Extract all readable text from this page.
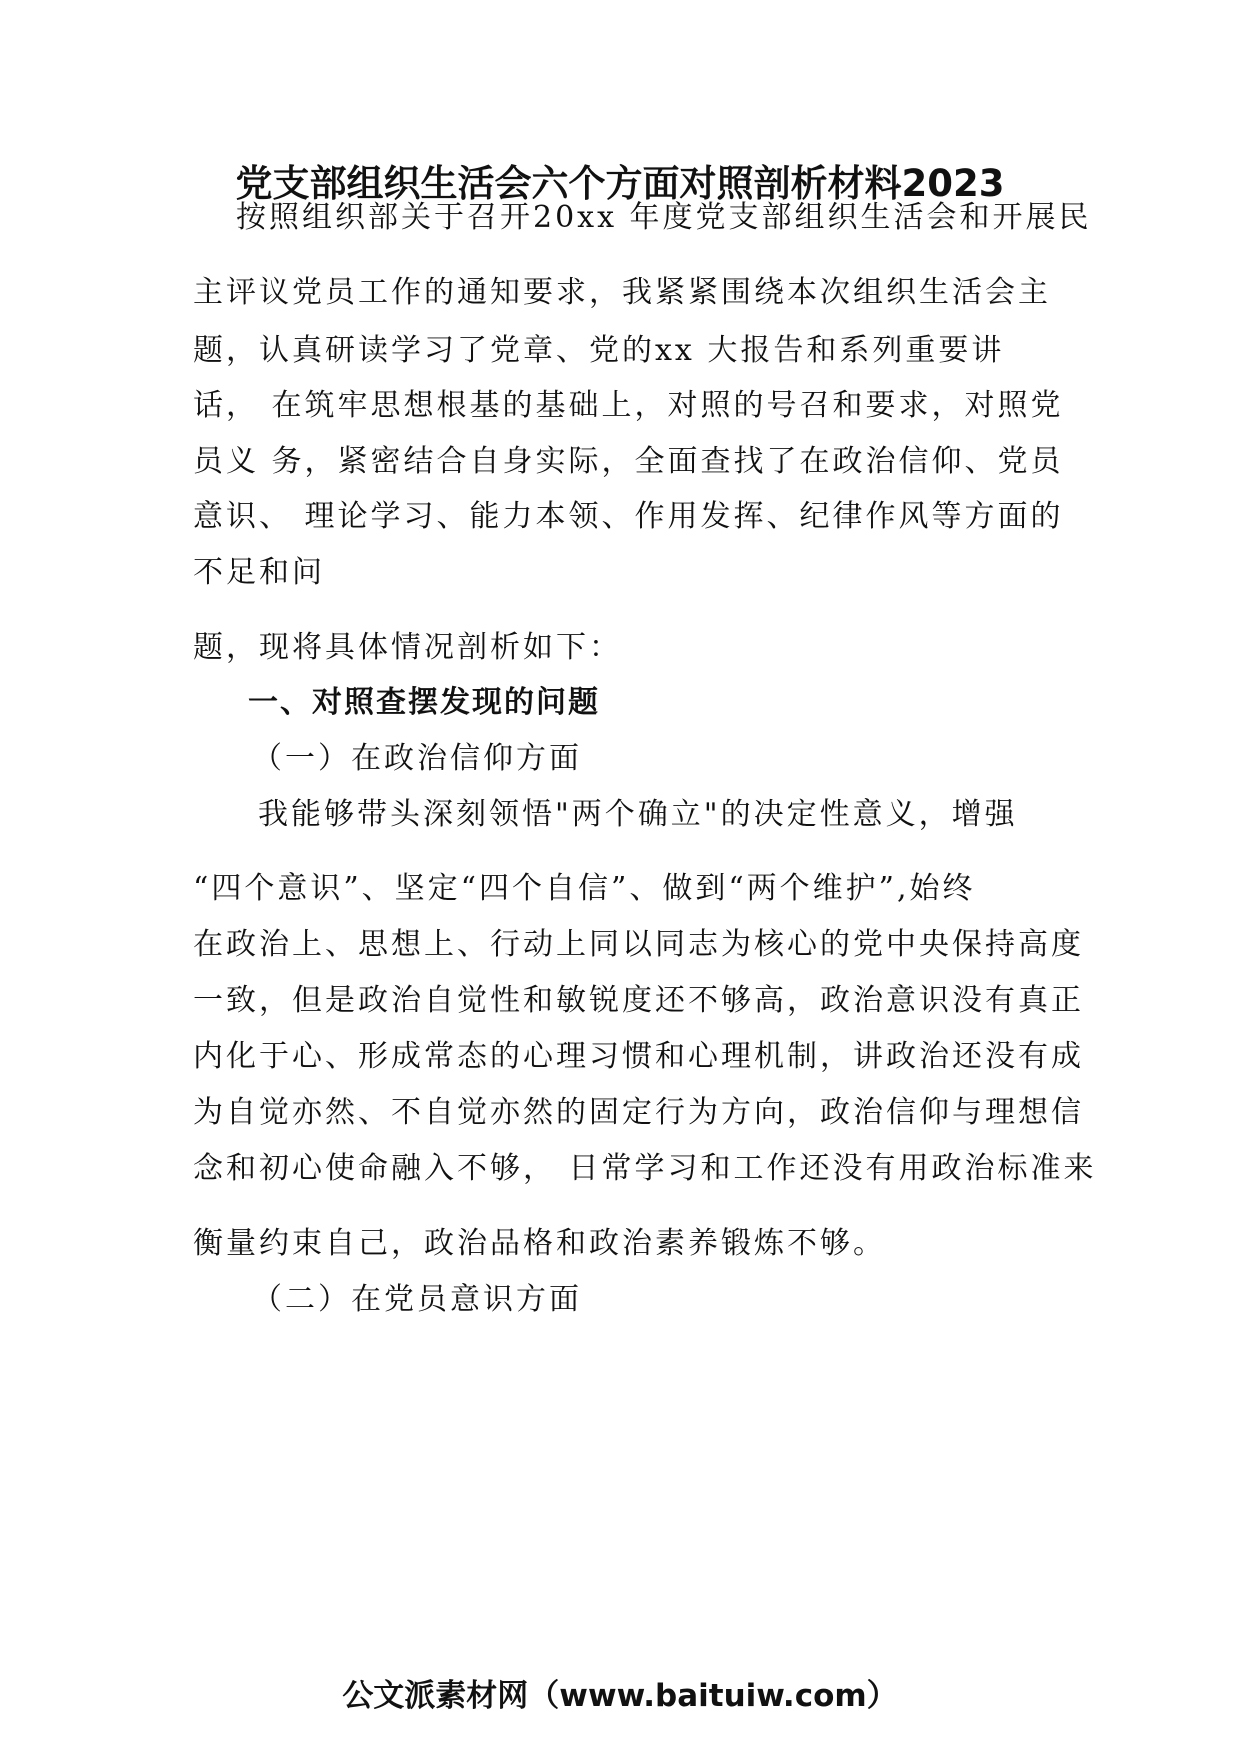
党支部组织生活会六个方面对照剖析材料2023
按照组织部关于召开20xx 年度党支部组织生活会和开展民
主评议党员工作的通知要求，我紧紧围绕本次组织生活会主
题，认真研读学习了党章、党的xx 大报告和系列重要讲
话， 在筑牢思想根基的基础上，对照的号召和要求，对照党
员义 务，紧密结合自身实际，全面查找了在政治信仰、党员
意识、 理论学习、能力本领、作用发挥、纪律作风等方面的
不足和问
题，现将具体情况剖析如下：
一、对照查摆发现的问题
（一）在政治信仰方面
我能够带头深刻领悟"两个确立"的决定性意义，增强
“四个意识”、坚定“四个自信”、做到“两个维护”,始终
在政治上、思想上、行动上同以同志为核心的党中央保持高度
一致，但是政治自觉性和敏锐度还不够高，政治意识没有真正
内化于心、形成常态的心理习惯和心理机制，讲政治还没有成
为自觉亦然、不自觉亦然的固定行为方向，政治信仰与理想信
念和初心使命融入不够， 日常学习和工作还没有用政治标准来
衡量约束自己，政治品格和政治素养锻炼不够。
（二）在党员意识方面
公文派素材网（www.baituiw.com）
